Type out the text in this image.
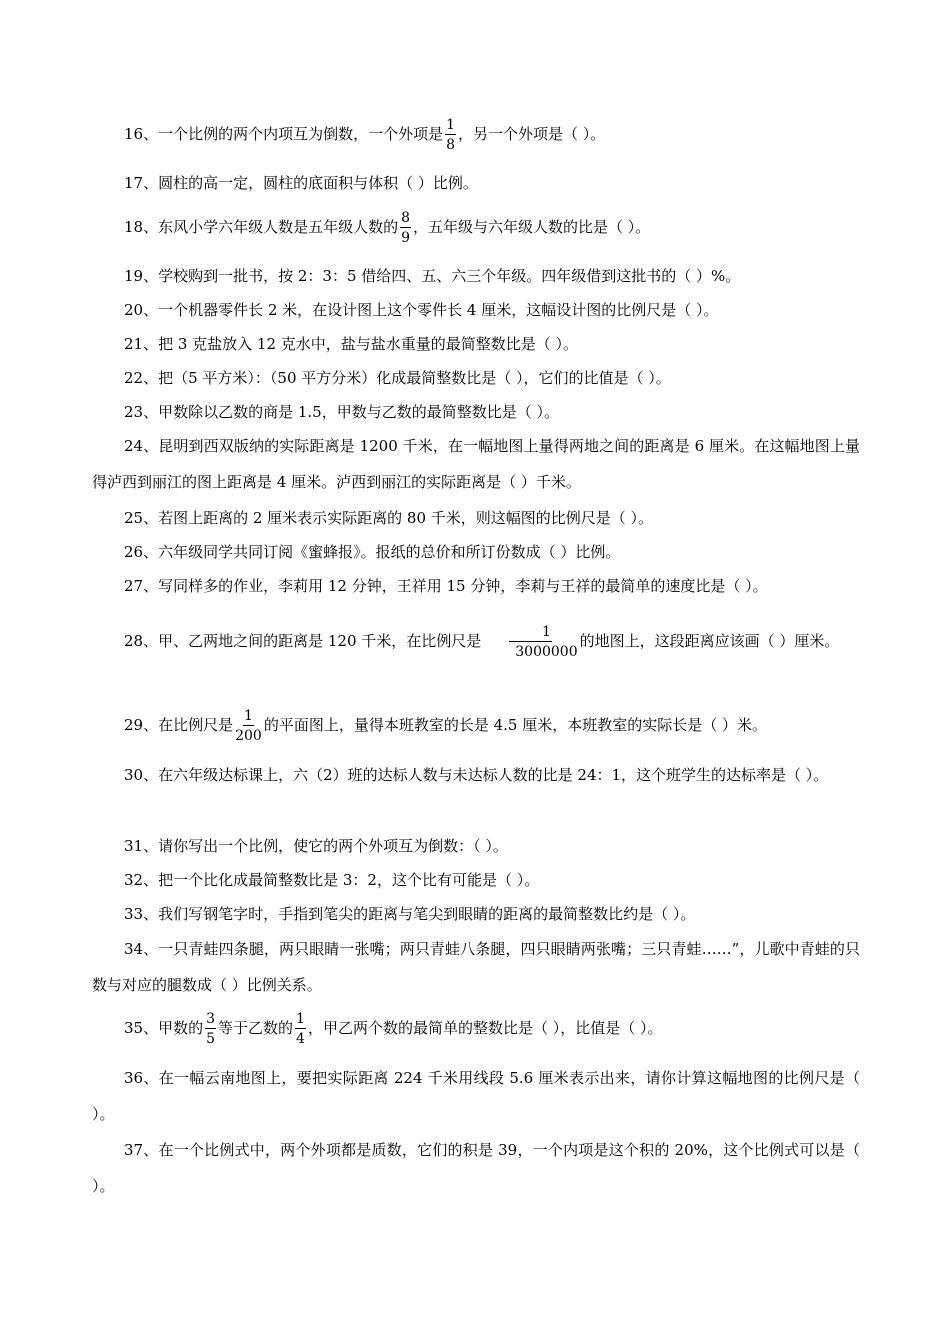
16、一个比例的两个内项互为倒数，一个外项是 $\frac{1}{8}$ ，另一个外项是（ ）。
17、圆柱的高一定，圆柱的底面积与体积（ ）比例。
18、东风小学六年级人数是五年级人数的 $\frac{8}{9}$ ，五年级与六年级人数的比是（ ）。
19、学校购到一批书，按 2：3：5 借给四、五、六三个年级。四年级借到这批书的（ ）%。
20、一个机器零件长 2 米，在设计图上这个零件长 4 厘米，这幅设计图的比例尺是（ ）。
21、把 3 克盐放入 12 克水中，盐与盐水重量的最简整数比是（ ）。
22、把（5 平方米）：（50 平方分米）化成最简整数比是（ ），它们的比值是（ ）。
23、甲数除以乙数的商是 1.5，甲数与乙数的最简整数比是（ ）。
24、昆明到西双版纳的实际距离是 1200 千米，在一幅地图上量得两地之间的距离是 6 厘米。在这幅地图上量得泸西到丽江的图上距离是 4 厘米。泸西到丽江的实际距离是（ ）千米。
25、若图上距离的 2 厘米表示实际距离的 80 千米，则这幅图的比例尺是（ ）。
26、六年级同学共同订阅《蜜蜂报》。报纸的总价和所订份数成（ ）比例。
27、写同样多的作业，李莉用 12 分钟，王祥用 15 分钟，李莉与王祥的最简单的速度比是（ ）。
28、甲、乙两地之间的距离是 120 千米，在比例尺是 $\frac{1}{3000000}$ 的地图上，这段距离应该画（ ）厘米。
29、在比例尺是 $\frac{1}{200}$ 的平面图上，量得本班教室的长是 4.5 厘米，本班教室的实际长是（ ）米。
30、在六年级达标课上，六（2）班的达标人数与未达标人数的比是 24：1，这个班学生的达标率是（ ）。
31、请你写出一个比例，使它的两个外项互为倒数：（ ）。
32、把一个比化成最简整数比是 3：2，这个比有可能是（ ）。
33、我们写钢笔字时，手指到笔尖的距离与笔尖到眼睛的距离的最简整数比约是（ ）。
34、一只青蛙四条腿，两只眼睛一张嘴；两只青蛙八条腿，四只眼睛两张嘴；三只青蛙……”，儿歌中青蛙的只数与对应的腿数成（ ）比例关系。
35、甲数的 $\frac{3}{5}$ 等于乙数的 $\frac{1}{4}$ ，甲乙两个数的最简单的整数比是（ ），比值是（ ）。
36、在一幅云南地图上，要把实际距离 224 千米用线段 5.6 厘米表示出来，请你计算这幅地图的比例尺是（ ）。
37、在一个比例式中，两个外项都是质数，它们的积是 39，一个内项是这个积的 20%，这个比例式可以是（ ）。
